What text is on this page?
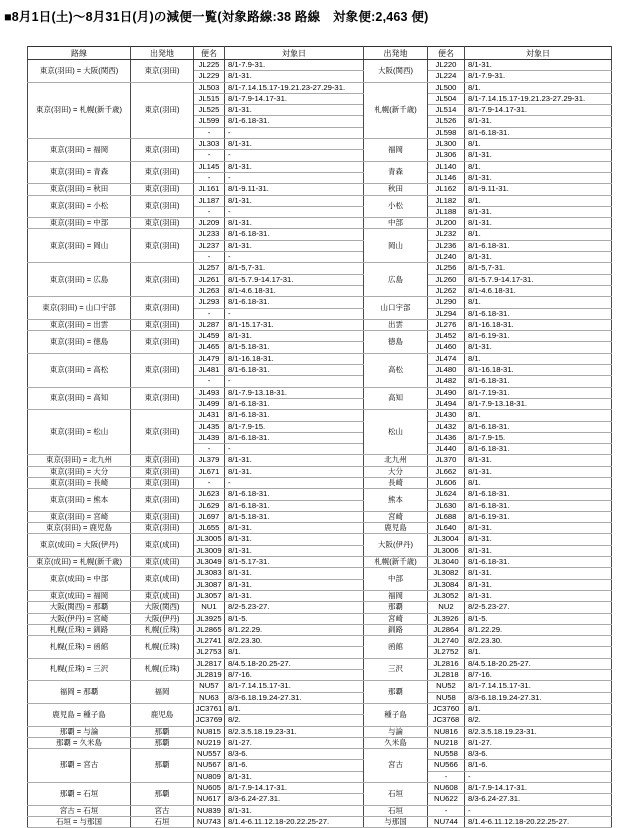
■8月1日(土)〜8月31日(月)の減便一覧(対象路線:38 路線　対象便:2,463 便)
路線	出発地	便名	対象日	出発地	便名	対象日
東京(羽田) = 大阪(関西)	東京(羽田)	JL225	8/1-7.9-31.	大阪(関西)	JL220	8/1-31.
		JL229	8/1-31.		JL224	8/1-7.9-31.
東京(羽田) = 札幌(新千歳)	東京(羽田)	JL503	8/1-7.14.15.17-19.21.23-27.29-31.	札幌(新千歳)	JL500	8/1.
		JL515	8/1-7.9-14.17-31.		JL504	8/1-7.14.15.17-19.21.23-27.29-31.
		JL525	8/1-31.		JL514	8/1-7.9-14.17-31.
		JL599	8/1-6.18-31.		JL526	8/1-31.
		-	-		JL598	8/1-6.18-31.
東京(羽田) = 福岡	東京(羽田)	JL303	8/1-31.	福岡	JL300	8/1.
		-	-		JL306	8/1-31.
東京(羽田) = 青森	東京(羽田)	JL145	8/1-31.	青森	JL140	8/1.
		-	-		JL146	8/1-31.
東京(羽田) = 秋田	東京(羽田)	JL161	8/1-9.11-31.	秋田	JL162	8/1-9.11-31.
東京(羽田) = 小松	東京(羽田)	JL187	8/1-31.	小松	JL182	8/1.
		-	-		JL188	8/1-31.
東京(羽田) = 中部	東京(羽田)	JL209	8/1-31.	中部	JL200	8/1-31.
東京(羽田) = 岡山	東京(羽田)	JL233	8/1-6.18-31.	岡山	JL232	8/1.
		JL237	8/1-31.		JL236	8/1-6.18-31.
		-	-		JL240	8/1-31.
東京(羽田) = 広島	東京(羽田)	JL257	8/1-5,7-31.	広島	JL256	8/1-5,7-31.
		JL261	8/1-5.7.9-14.17-31.		JL260	8/1-5.7.9-14.17-31.
		JL263	8/1-4.6.18-31.		JL262	8/1-4.6.18-31.
東京(羽田) = 山口宇部	東京(羽田)	JL293	8/1-6.18-31.	山口宇部	JL290	8/1.
		-	-		JL294	8/1-6.18-31.
東京(羽田) = 出雲	東京(羽田)	JL287	8/1-15.17-31.	出雲	JL276	8/1-16.18-31.
東京(羽田) = 徳島	東京(羽田)	JL459	8/1-31.	徳島	JL452	8/1-6.19-31.
		JL465	8/1-5.18-31.		JL460	8/1-31.
東京(羽田) = 高松	東京(羽田)	JL479	8/1-16.18-31.	高松	JL474	8/1.
		JL481	8/1-6.18-31.		JL480	8/1-16.18-31.
		-	-		JL482	8/1-6.18-31.
東京(羽田) = 高知	東京(羽田)	JL493	8/1-7.9-13.18-31.	高知	JL490	8/1-7.19-31.
		JL499	8/1-6.18-31.		JL494	8/1-7.9-13.18-31.
東京(羽田) = 松山	東京(羽田)	JL431	8/1-6.18-31.	松山	JL430	8/1.
		JL435	8/1-7.9-15.		JL432	8/1-6.18-31.
		JL439	8/1-6.18-31.		JL436	8/1-7.9-15.
		-	-		JL440	8/1-6.18-31.
東京(羽田) = 北九州	東京(羽田)	JL379	8/1-31.	北九州	JL370	8/1-31.
東京(羽田) = 大分	東京(羽田)	JL671	8/1-31.	大分	JL662	8/1-31.
東京(羽田) = 長崎	東京(羽田)	-	-	長崎	JL606	8/1.
東京(羽田) = 熊本	東京(羽田)	JL623	8/1-6.18-31.	熊本	JL624	8/1-6.18-31.
		JL629	8/1-6.18-31.		JL630	8/1-6.18-31.
東京(羽田) = 宮崎	東京(羽田)	JL697	8/1-5.18-31.	宮崎	JL688	8/1-6.19-31.
東京(羽田) = 鹿児島	東京(羽田)	JL655	8/1-31.	鹿児島	JL640	8/1-31.
東京(成田) = 大阪(伊丹)	東京(成田)	JL3005	8/1-31.	大阪(伊丹)	JL3004	8/1-31.
		JL3009	8/1-31.		JL3006	8/1-31.
東京(成田) = 札幌(新千歳)	東京(成田)	JL3049	8/1-5.17-31.	札幌(新千歳)	JL3040	8/1-6.18-31.
東京(成田) = 中部	東京(成田)	JL3083	8/1-31.	中部	JL3082	8/1-31.
		JL3087	8/1-31.		JL3084	8/1-31.
東京(成田) = 福岡	東京(成田)	JL3057	8/1-31.	福岡	JL3052	8/1-31.
大阪(関西) = 那覇	大阪(関西)	NU1	8/2-5.23-27.	那覇	NU2	8/2-5.23-27.
大阪(伊丹) = 宮崎	大阪(伊丹)	JL3925	8/1-5.	宮崎	JL3926	8/1-5.
札幌(丘珠) = 釧路	札幌(丘珠)	JL2865	8/1.22.29.	釧路	JL2864	8/1.22.29.
札幌(丘珠) = 函館	札幌(丘珠)	JL2741	8/2.23.30.	函館	JL2740	8/2.23.30.
		JL2753	8/1.		JL2752	8/1.
札幌(丘珠) = 三沢	札幌(丘珠)	JL2817	8/4.5.18-20.25-27.	三沢	JL2816	8/4.5.18-20.25-27.
		JL2819	8/7-16.		JL2818	8/7-16.
福岡 = 那覇	福岡	NU57	8/1-7.14.15.17-31.	那覇	NU52	8/1-7.14.15.17-31.
		NU63	8/3-6.18.19.24-27.31.		NU58	8/3-6.18.19.24-27.31.
鹿児島 = 種子島	鹿児島	JC3761	8/1.	種子島	JC3760	8/1.
		JC3769	8/2.		JC3768	8/2.
那覇 = 与論	那覇	NU815	8/2.3.5.18.19.23-31.	与論	NU816	8/2.3.5.18.19.23-31.
那覇 = 久米島	那覇	NU219	8/1-27.	久米島	NU218	8/1-27.
那覇 = 宮古	那覇	NU557	8/3-6.	宮古	NU558	8/3-6.
		NU567	8/1-6.		NU566	8/1-6.
		NU809	8/1-31.		-	-
那覇 = 石垣	那覇	NU605	8/1-7.9-14.17-31.	石垣	NU608	8/1-7.9-14.17-31.
		NU617	8/3-6.24-27.31.		NU622	8/3-6.24-27.31.
宮古 = 石垣	宮古	NU839	8/1-31.	石垣	-	-
石垣 = 与那国	石垣	NU743	8/1.4-6.11.12.18-20.22.25-27.	与那国	NU744	8/1.4-6.11.12.18-20.22.25-27.
